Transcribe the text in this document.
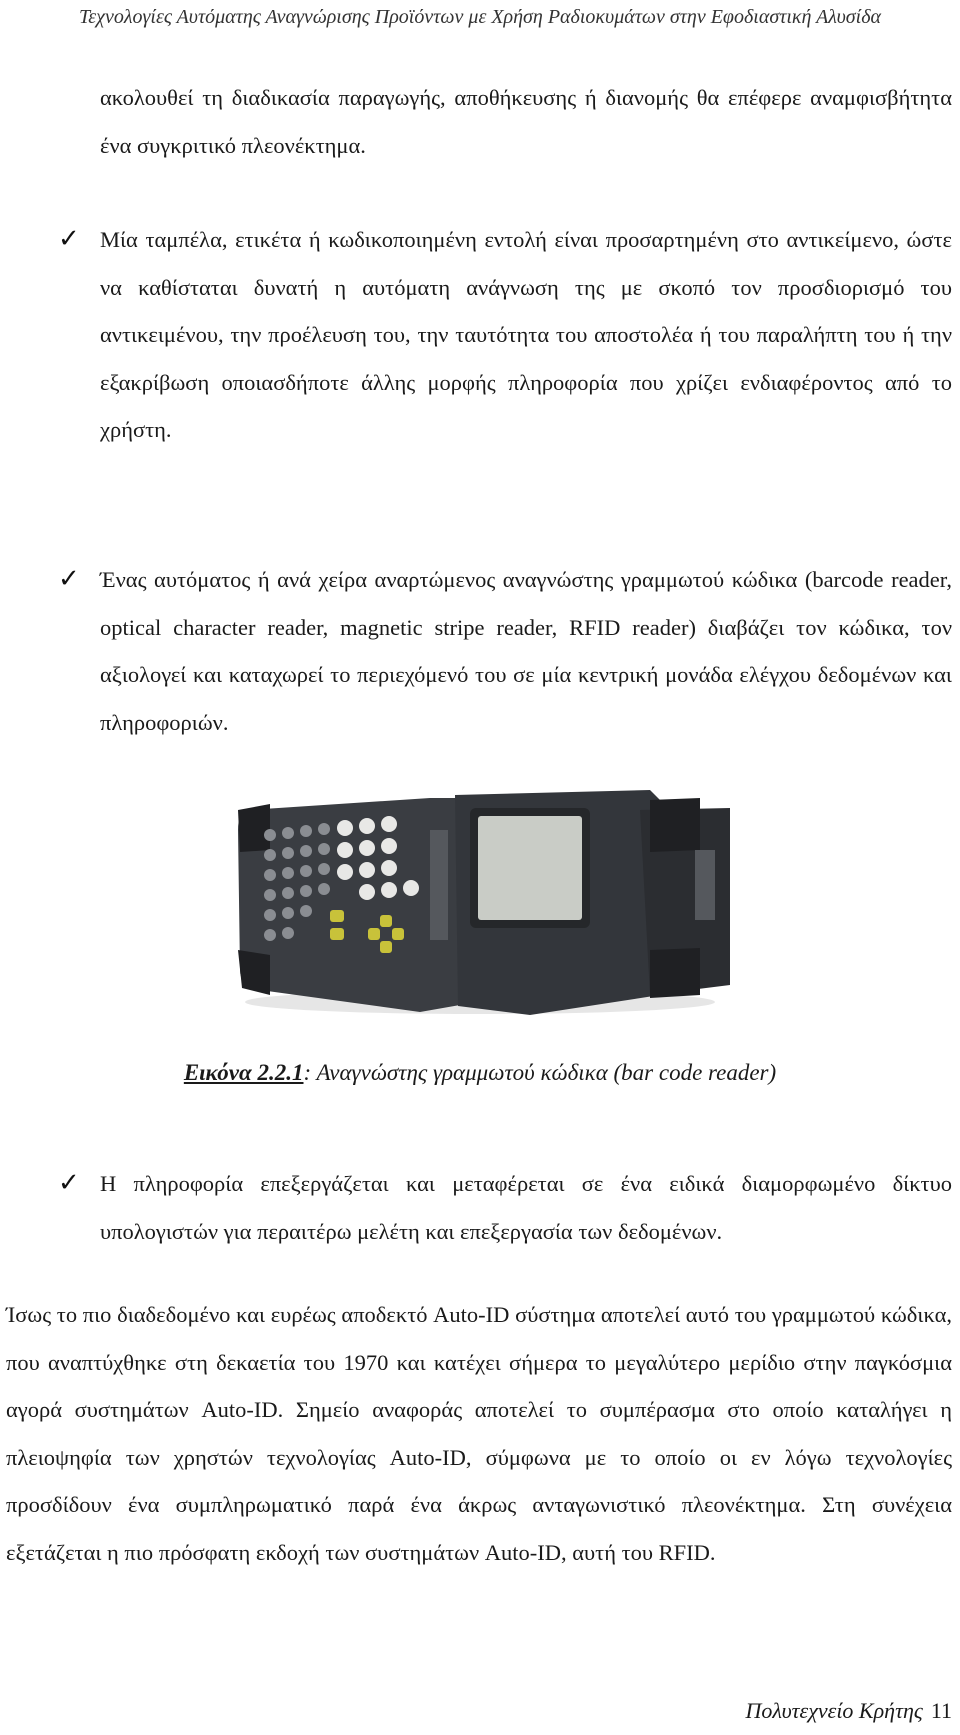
Τεχνολογίες Αυτόματης Αναγνώρισης Προϊόντων με Χρήση Ραδιοκυμάτων στην Εφοδιαστική Αλυσίδα

ακολουθεί τη διαδικασία παραγωγής, αποθήκευσης ή διανομής θα επέφερε αναμφισβήτητα ένα συγκριτικό πλεονέκτημα.

✓ Μία ταμπέλα, ετικέτα ή κωδικοποιημένη εντολή είναι προσαρτημένη στο αντικείμενο, ώστε να καθίσταται δυνατή η αυτόματη ανάγνωση της με σκοπό τον προσδιορισμό του αντικειμένου, την προέλευση του, την ταυτότητα του αποστολέα ή του παραλήπτη του ή την εξακρίβωση οποιασδήποτε άλλης μορφής πληροφορία που χρίζει ενδιαφέροντος από το χρήστη.

✓ Ένας αυτόματος ή ανά χείρα αναρτώμενος αναγνώστης γραμμωτού κώδικα (barcode reader, optical character reader, magnetic stripe reader, RFID reader) διαβάζει τον κώδικα, τον αξιολογεί και καταχωρεί το περιεχόμενό του σε μία κεντρική μονάδα ελέγχου δεδομένων και πληροφοριών.

Εικόνα 2.2.1: Αναγνώστης γραμμωτού κώδικα (bar code reader)
✓ Η πληροφορία επεξεργάζεται και μεταφέρεται σε ένα ειδικά διαμορφωμένο δίκτυο υπολογιστών για περαιτέρω μελέτη και επεξεργασία των δεδομένων.

Ίσως το πιο διαδεδομένο και ευρέως αποδεκτό Auto-ID σύστημα αποτελεί αυτό του γραμμωτού κώδικα, που αναπτύχθηκε στη δεκαετία του 1970 και κατέχει σήμερα το μεγαλύτερο μερίδιο στην παγκόσμια αγορά συστημάτων Auto-ID. Σημείο αναφοράς αποτελεί το συμπέρασμα στο οποίο καταλήγει η πλειοψηφία των χρηστών τεχνολογίας Auto-ID, σύμφωνα με το οποίο οι εν λόγω τεχνολογίες προσδίδουν ένα συμπληρωματικό παρά ένα άκρως ανταγωνιστικό πλεονέκτημα. Στη συνέχεια εξετάζεται η πιο πρόσφατη εκδοχή των συστημάτων Auto-ID, αυτή του RFID.

Πολυτεχνείο Κρήτης 11
